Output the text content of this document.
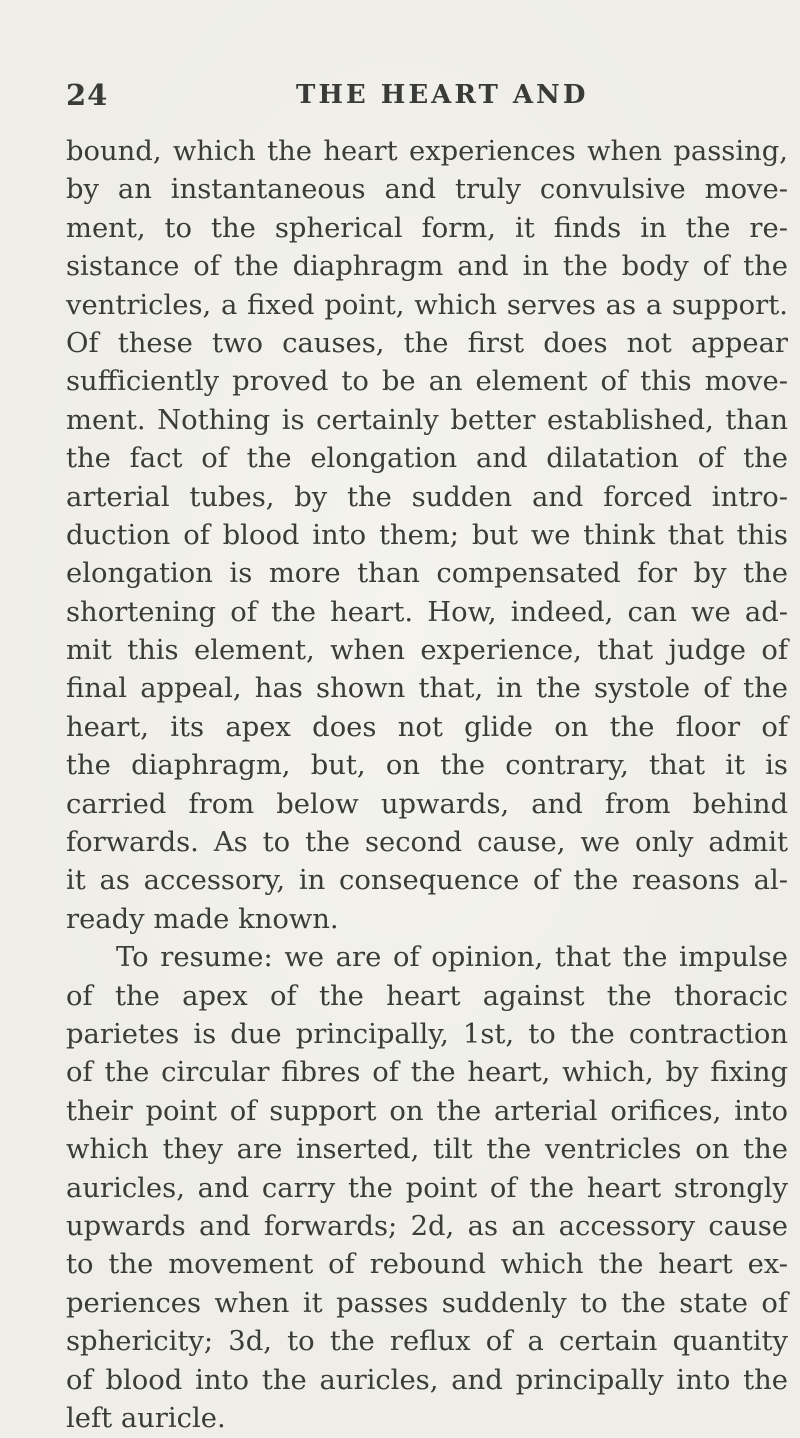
24	THE HEART AND
bound, which the heart experiences when passing,
by an instantaneous and truly convulsive move-
ment, to the spherical form, it finds in the re-
sistance of the diaphragm and in the body of the
ventricles, a fixed point, which serves as a support.
Of these two causes, the first does not appear
sufficiently proved to be an element of this move-
ment. Nothing is certainly better established, than
the fact of the elongation and dilatation of the
arterial tubes, by the sudden and forced intro-
duction of blood into them; but we think that this
elongation is more than compensated for by the
shortening of the heart. How, indeed, can we ad-
mit this element, when experience, that judge of
final appeal, has shown that, in the systole of the
heart, its apex does not glide on the floor of
the diaphragm, but, on the contrary, that it is
carried from below upwards, and from behind
forwards. As to the second cause, we only admit
it as accessory, in consequence of the reasons al-
ready made known.
To resume: we are of opinion, that the impulse
of the apex of the heart against the thoracic
parietes is due principally, 1st, to the contraction
of the circular fibres of the heart, which, by fixing
their point of support on the arterial orifices, into
which they are inserted, tilt the ventricles on the
auricles, and carry the point of the heart strongly
upwards and forwards; 2d, as an accessory cause
to the movement of rebound which the heart ex-
periences when it passes suddenly to the state of
sphericity; 3d, to the reflux of a certain quantity
of blood into the auricles, and principally into the
left auricle.
